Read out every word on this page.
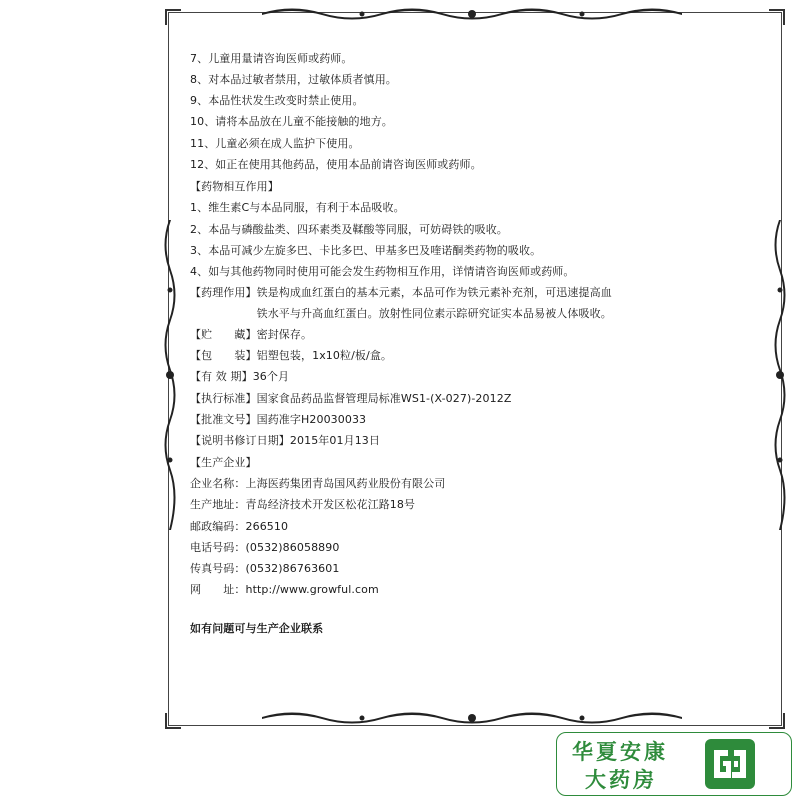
7、儿童用量请咨询医师或药师。
8、对本品过敏者禁用，过敏体质者慎用。
9、本品性状发生改变时禁止使用。
10、请将本品放在儿童不能接触的地方。
11、儿童必须在成人监护下使用。
12、如正在使用其他药品，使用本品前请咨询医师或药师。
【药物相互作用】
1、维生素C与本品同服，有利于本品吸收。
2、本品与磷酸盐类、四环素类及鞣酸等同服，可妨碍铁的吸收。
3、本品可减少左旋多巴、卡比多巴、甲基多巴及喹诺酮类药物的吸收。
4、如与其他药物同时使用可能会发生药物相互作用，详情请咨询医师或药师。
【药理作用】铁是构成血红蛋白的基本元素，本品可作为铁元素补充剂，可迅速提高血
　　　　　　铁水平与升高血红蛋白。放射性同位素示踪研究证实本品易被人体吸收。
【贮　　藏】密封保存。
【包　　装】铝塑包装，1x10粒/板/盒。
【有 效 期】36个月
【执行标准】国家食品药品监督管理局标准WS1-(X-027)-2012Z
【批准文号】国药准字H20030033
【说明书修订日期】2015年01月13日
【生产企业】
企业名称：上海医药集团青岛国风药业股份有限公司
生产地址：青岛经济技术开发区松花江路18号
邮政编码：266510
电话号码：(0532)86058890
传真号码：(0532)86763601
网　　址：http://www.growful.com
如有问题可与生产企业联系
华夏安康
大药房
